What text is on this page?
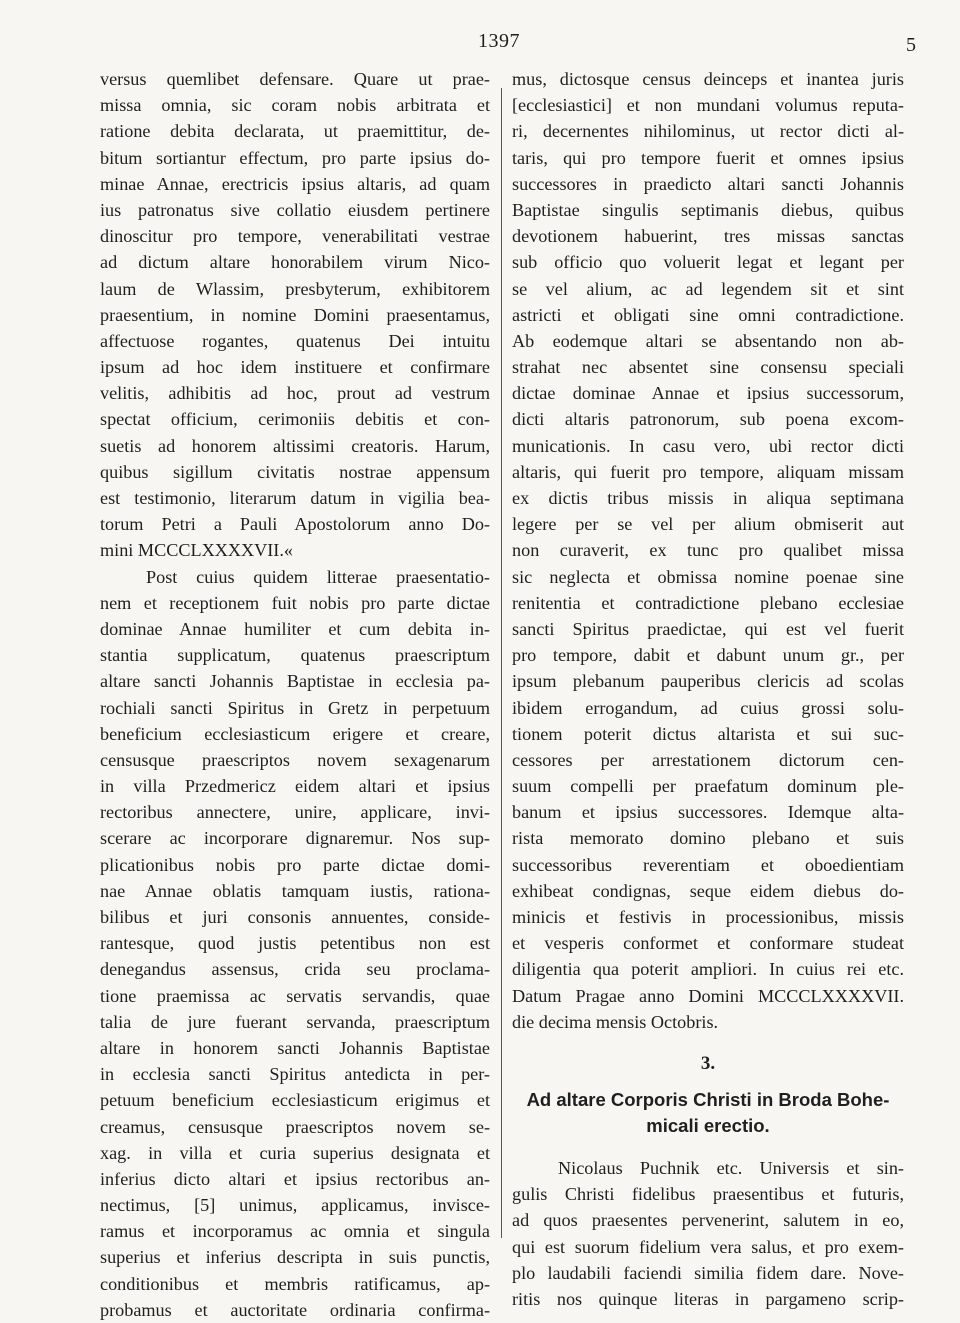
1397	5
versus quemlibet defensare. Quare ut prae-
missa omnia, sic coram nobis arbitrata et
ratione debita declarata, ut praemittitur, de-
bitum sortiantur effectum, pro parte ipsius do-
minae Annae, erectricis ipsius altaris, ad quam
ius patronatus sive collatio eiusdem pertinere
dinoscitur pro tempore, venerabilitati vestrae
ad dictum altare honorabilem virum Nico-
laum de Wlassim, presbyterum, exhibitorem
praesentium, in nomine Domini praesentamus,
affectuose rogantes, quatenus Dei intuitu
ipsum ad hoc idem instituere et confirmare
velitis, adhibitis ad hoc, prout ad vestrum
spectat officium, cerimoniis debitis et con-
suetis ad honorem altissimi creatoris. Harum,
quibus sigillum civitatis nostrae appensum
est testimonio, literarum datum in vigilia bea-
torum Petri a Pauli Apostolorum anno Do-
mini MCCCLXXXXVII.«
Post cuius quidem litterae praesentatio-
nem et receptionem fuit nobis pro parte dictae
dominae Annae humiliter et cum debita in-
stantia supplicatum, quatenus praescriptum
altare sancti Johannis Baptistae in ecclesia pa-
rochiali sancti Spiritus in Gretz in perpetuum
beneficium ecclesiasticum erigere et creare,
censusque praescriptos novem sexagenarum
in villa Przedmericz eidem altari et ipsius
rectoribus annectere, unire, applicare, invi-
scerare ac incorporare dignaremur. Nos sup-
plicationibus nobis pro parte dictae domi-
nae Annae oblatis tamquam iustis, rationa-
bilibus et juri consonis annuentes, conside-
rantesque, quod justis petentibus non est
denegandus assensus, crida seu proclama-
tione praemissa ac servatis servandis, quae
talia de jure fuerant servanda, praescriptum
altare in honorem sancti Johannis Baptistae
in ecclesia sancti Spiritus antedicta in per-
petuum beneficium ecclesiasticum erigimus et
creamus, censusque praescriptos novem se-
xag. in villa et curia superius designata et
inferius dicto altari et ipsius rectoribus an-
nectimus, [5] unimus, applicamus, invisce-
ramus et incorporamus ac omnia et singula
superius et inferius descripta in suis punctis,
conditionibus et membris ratificamus, ap-
probamus et auctoritate ordinaria confirma-
mus, dictosque census deinceps et inantea juris
[ecclesiastici] et non mundani volumus reputa-
ri, decernentes nihilominus, ut rector dicti al-
taris, qui pro tempore fuerit et omnes ipsius
successores in praedicto altari sancti Johannis
Baptistae singulis septimanis diebus, quibus
devotionem habuerint, tres missas sanctas
sub officio quo voluerit legat et legant per
se vel alium, ac ad legendem sit et sint
astricti et obligati sine omni contradictione.
Ab eodemque altari se absentando non ab-
strahat nec absentet sine consensu speciali
dictae dominae Annae et ipsius successorum,
dicti altaris patronorum, sub poena excom-
municationis. In casu vero, ubi rector dicti
altaris, qui fuerit pro tempore, aliquam missam
ex dictis tribus missis in aliqua septimana
legere per se vel per alium obmiserit aut
non curaverit, ex tunc pro qualibet missa
sic neglecta et obmissa nomine poenae sine
renitentia et contradictione plebano ecclesiae
sancti Spiritus praedictae, qui est vel fuerit
pro tempore, dabit et dabunt unum gr., per
ipsum plebanum pauperibus clericis ad scolas
ibidem errogandum, ad cuius grossi solu-
tionem poterit dictus altarista et sui suc-
cessores per arrestationem dictorum cen-
suum compelli per praefatum dominum ple-
banum et ipsius successores. Idemque alta-
rista memorato domino plebano et suis
successoribus reverentiam et oboedientiam
exhibeat condignas, seque eidem diebus do-
minicis et festivis in processionibus, missis
et vesperis conformet et conformare studeat
diligentia qua poterit ampliori. In cuius rei etc.
Datum Pragae anno Domini MCCCLXXXXVII.
die decima mensis Octobris.
3.
Ad altare Corporis Christi in Broda Bohe-
micali erectio.
Nicolaus Puchnik etc. Universis et sin-
gulis Christi fidelibus praesentibus et futuris,
ad quos praesentes pervenerint, salutem in eo,
qui est suorum fidelium vera salus, et pro exem-
plo laudabili faciendi similia fidem dare. Nove-
ritis nos quinque literas in pargameno scrip-
